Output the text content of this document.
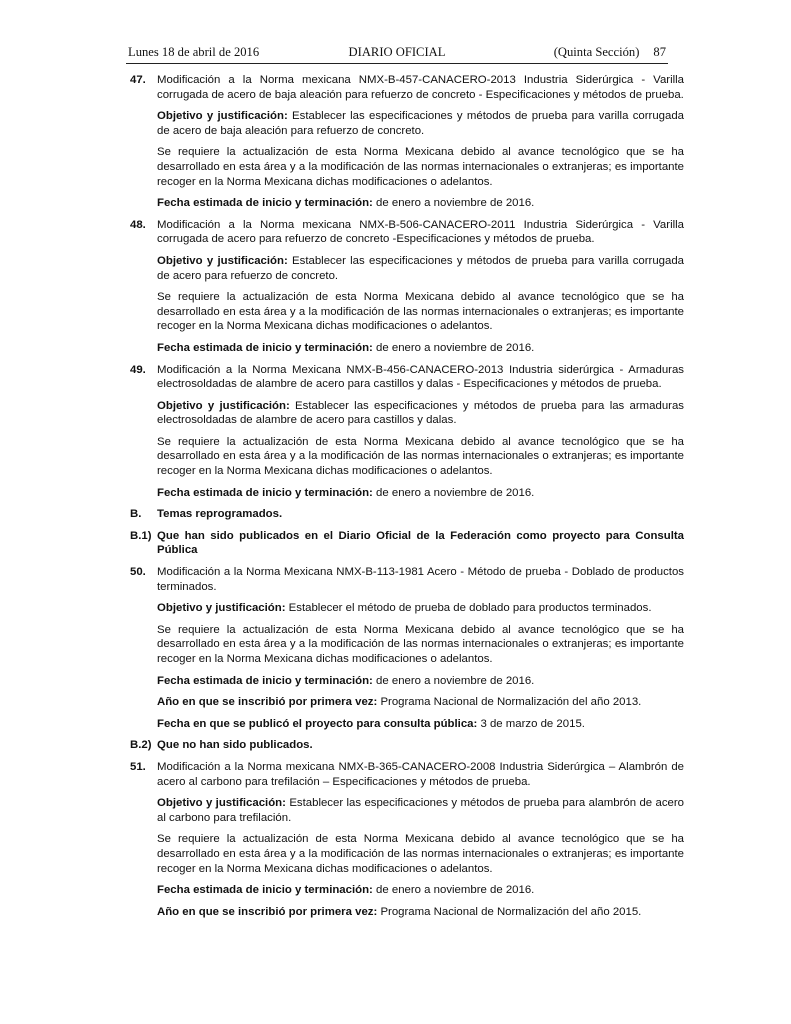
Lunes 18 de abril de 2016	DIARIO OFICIAL	(Quinta Sección) 87
47. Modificación a la Norma mexicana NMX-B-457-CANACERO-2013 Industria Siderúrgica - Varilla corrugada de acero de baja aleación para refuerzo de concreto - Especificaciones y métodos de prueba.

Objetivo y justificación: Establecer las especificaciones y métodos de prueba para varilla corrugada de acero de baja aleación para refuerzo de concreto.

Se requiere la actualización de esta Norma Mexicana debido al avance tecnológico que se ha desarrollado en esta área y a la modificación de las normas internacionales o extranjeras; es importante recoger en la Norma Mexicana dichas modificaciones o adelantos.

Fecha estimada de inicio y terminación: de enero a noviembre de 2016.

48. Modificación a la Norma mexicana NMX-B-506-CANACERO-2011 Industria Siderúrgica - Varilla corrugada de acero para refuerzo de concreto -Especificaciones y métodos de prueba.

Objetivo y justificación: Establecer las especificaciones y métodos de prueba para varilla corrugada de acero para refuerzo de concreto.

Se requiere la actualización de esta Norma Mexicana debido al avance tecnológico que se ha desarrollado en esta área y a la modificación de las normas internacionales o extranjeras; es importante recoger en la Norma Mexicana dichas modificaciones o adelantos.

Fecha estimada de inicio y terminación: de enero a noviembre de 2016.

49. Modificación a la Norma Mexicana NMX-B-456-CANACERO-2013 Industria siderúrgica - Armaduras electrosoldadas de alambre de acero para castillos y dalas - Especificaciones y métodos de prueba.

Objetivo y justificación: Establecer las especificaciones y métodos de prueba para las armaduras electrosoldadas de alambre de acero para castillos y dalas.

Se requiere la actualización de esta Norma Mexicana debido al avance tecnológico que se ha desarrollado en esta área y a la modificación de las normas internacionales o extranjeras; es importante recoger en la Norma Mexicana dichas modificaciones o adelantos.

Fecha estimada de inicio y terminación: de enero a noviembre de 2016.

B. Temas reprogramados.

B.1) Que han sido publicados en el Diario Oficial de la Federación como proyecto para Consulta Pública

50. Modificación a la Norma Mexicana NMX-B-113-1981 Acero - Método de prueba - Doblado de productos terminados.

Objetivo y justificación: Establecer el método de prueba de doblado para productos terminados.

Se requiere la actualización de esta Norma Mexicana debido al avance tecnológico que se ha desarrollado en esta área y a la modificación de las normas internacionales o extranjeras; es importante recoger en la Norma Mexicana dichas modificaciones o adelantos.

Fecha estimada de inicio y terminación: de enero a noviembre de 2016.

Año en que se inscribió por primera vez: Programa Nacional de Normalización del año 2013.

Fecha en que se publicó el proyecto para consulta pública: 3 de marzo de 2015.

B.2) Que no han sido publicados.

51. Modificación a la Norma mexicana NMX-B-365-CANACERO-2008 Industria Siderúrgica – Alambrón de acero al carbono para trefilación – Especificaciones y métodos de prueba.

Objetivo y justificación: Establecer las especificaciones y métodos de prueba para alambrón de acero al carbono para trefilación.

Se requiere la actualización de esta Norma Mexicana debido al avance tecnológico que se ha desarrollado en esta área y a la modificación de las normas internacionales o extranjeras; es importante recoger en la Norma Mexicana dichas modificaciones o adelantos.

Fecha estimada de inicio y terminación: de enero a noviembre de 2016.

Año en que se inscribió por primera vez: Programa Nacional de Normalización del año 2015.
